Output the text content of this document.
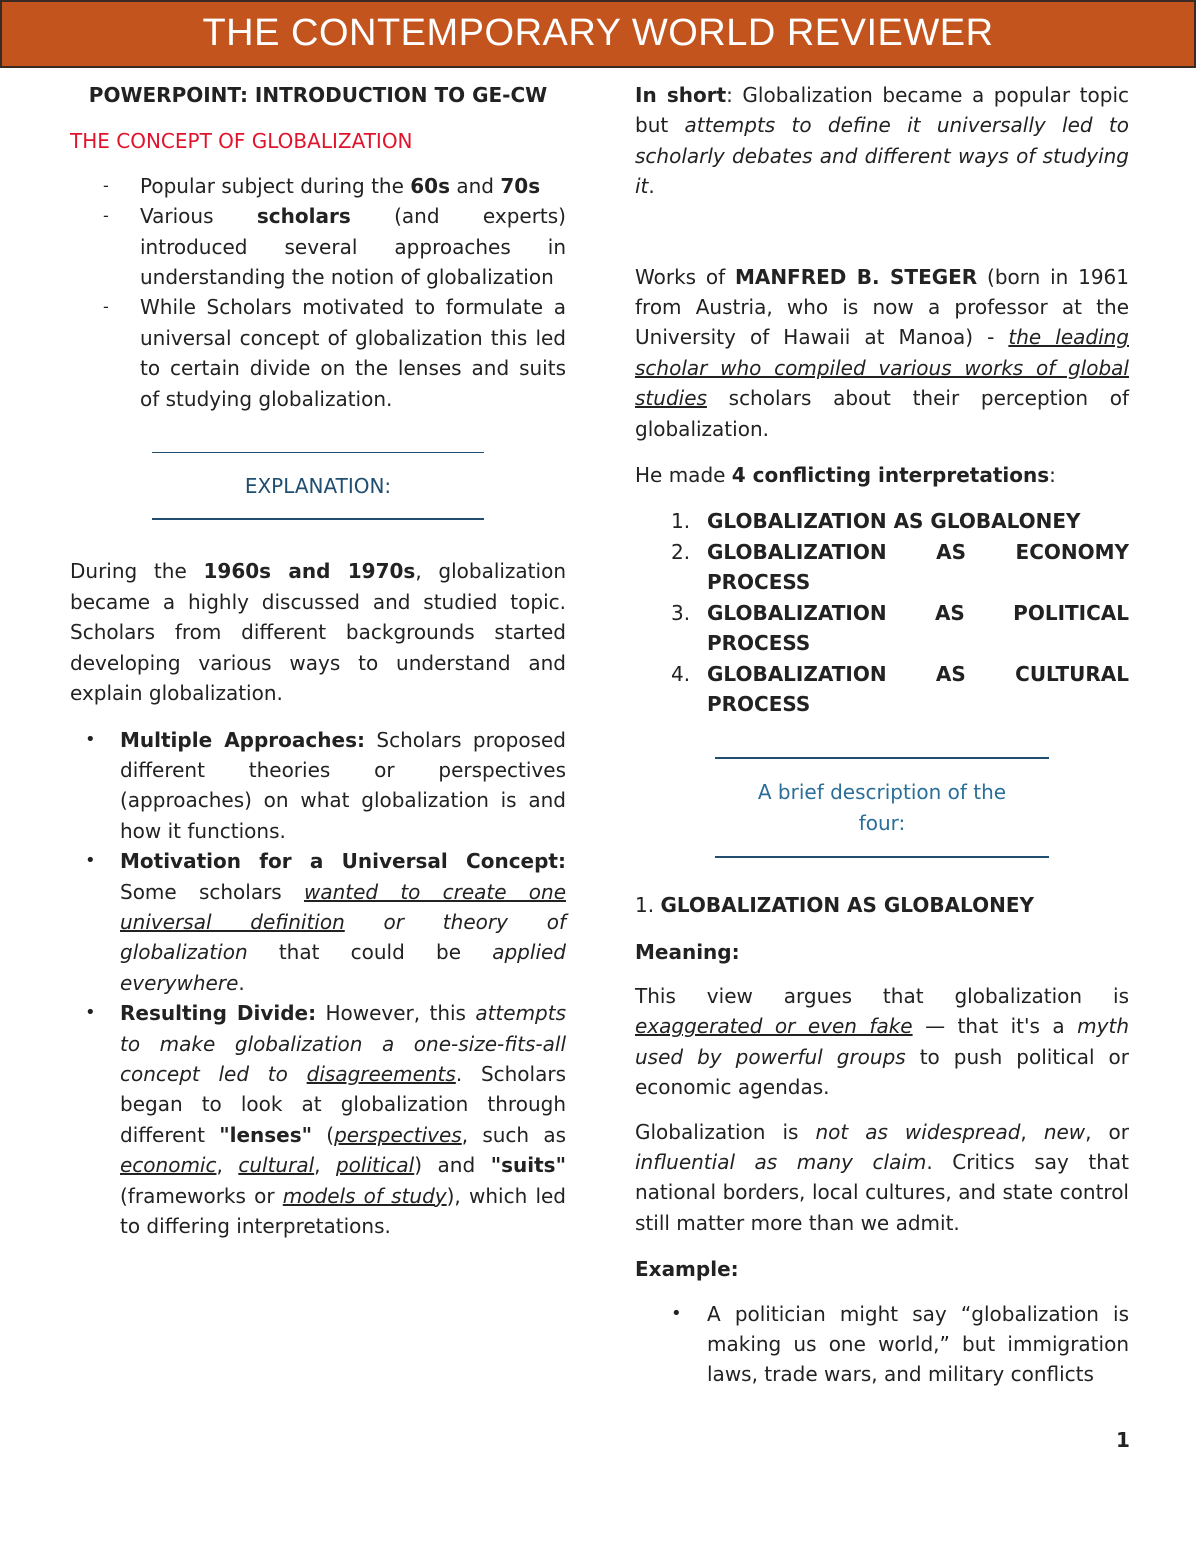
THE CONTEMPORARY WORLD REVIEWER

POWERPOINT: INTRODUCTION TO GE-CW

THE CONCEPT OF GLOBALIZATION

- Popular subject during the 60s and 70s
- Various scholars (and experts) introduced several approaches in understanding the notion of globalization
- While Scholars motivated to formulate a universal concept of globalization this led to certain divide on the lenses and suits of studying globalization.

EXPLANATION:

During the 1960s and 1970s, globalization became a highly discussed and studied topic. Scholars from different backgrounds started developing various ways to understand and explain globalization.

• Multiple Approaches: Scholars proposed different theories or perspectives (approaches) on what globalization is and how it functions.
• Motivation for a Universal Concept: Some scholars wanted to create one universal definition or theory of globalization that could be applied everywhere.
• Resulting Divide: However, this attempts to make globalization a one-size-fits-all concept led to disagreements. Scholars began to look at globalization through different "lenses" (perspectives, such as economic, cultural, political) and "suits" (frameworks or models of study), which led to differing interpretations.

In short: Globalization became a popular topic but attempts to define it universally led to scholarly debates and different ways of studying it.

Works of MANFRED B. STEGER (born in 1961 from Austria, who is now a professor at the University of Hawaii at Manoa) - the leading scholar who compiled various works of global studies scholars about their perception of globalization.

He made 4 conflicting interpretations:

1. GLOBALIZATION AS GLOBALONEY
2. GLOBALIZATION AS ECONOMY PROCESS
3. GLOBALIZATION AS POLITICAL PROCESS
4. GLOBALIZATION AS CULTURAL PROCESS

A brief description of the
four:

1. GLOBALIZATION AS GLOBALONEY

Meaning:

This view argues that globalization is exaggerated or even fake — that it's a myth used by powerful groups to push political or economic agendas.

Globalization is not as widespread, new, or influential as many claim. Critics say that national borders, local cultures, and state control still matter more than we admit.

Example:

• A politician might say “globalization is making us one world,” but immigration laws, trade wars, and military conflicts
1
